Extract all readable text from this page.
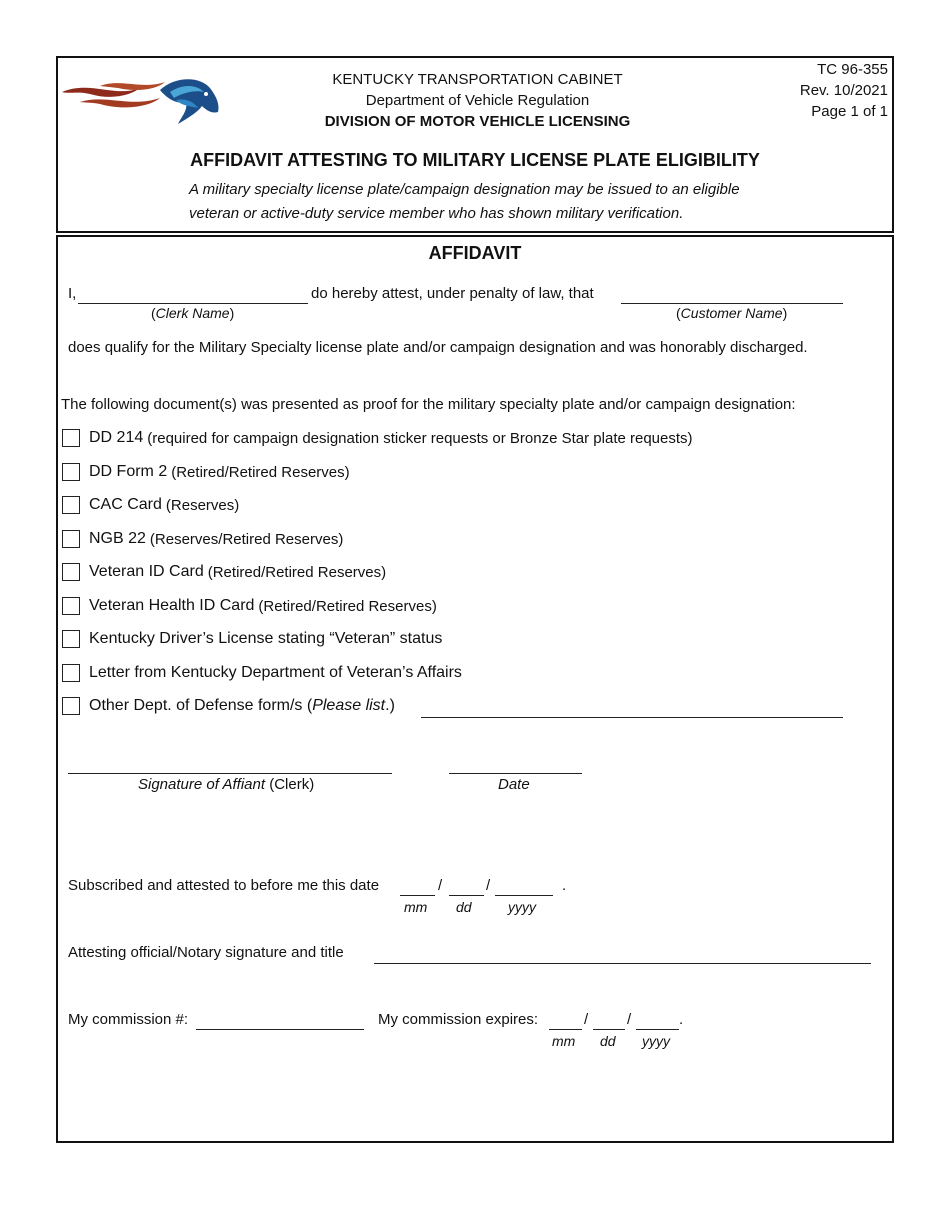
KENTUCKY TRANSPORTATION CABINET
Department of Vehicle Regulation
DIVISION OF MOTOR VEHICLE LICENSING
TC 96-355
Rev. 10/2021
Page 1 of 1
AFFIDAVIT ATTESTING TO MILITARY LICENSE PLATE ELIGIBILITY
A military specialty license plate/campaign designation may be issued to an eligible
veteran or active-duty service member who has shown military verification.
AFFIDAVIT
I,	do hereby attest, under penalty of law, that
(Clerk Name)	(Customer Name)
does qualify for the Military Specialty license plate and/or campaign designation and was honorably discharged.
The following document(s) was presented as proof for the military specialty plate and/or campaign designation:
DD 214 (required for campaign designation sticker requests or Bronze Star plate requests)
DD Form 2 (Retired/Retired Reserves)
CAC Card (Reserves)
NGB 22 (Reserves/Retired Reserves)
Veteran ID Card (Retired/Retired Reserves)
Veteran Health ID Card (Retired/Retired Reserves)
Kentucky Driver’s License stating “Veteran” status
Letter from Kentucky Department of Veteran’s Affairs
Other Dept. of Defense form/s ( Please list .)
Signature of Affiant (Clerk)	Date
Subscribed and attested to before me this date	/	/	.
mm dd	yyyy
Attesting official/Notary signature and title
My commission #:	My commission expires:	/	/	.
mm dd yyyy
